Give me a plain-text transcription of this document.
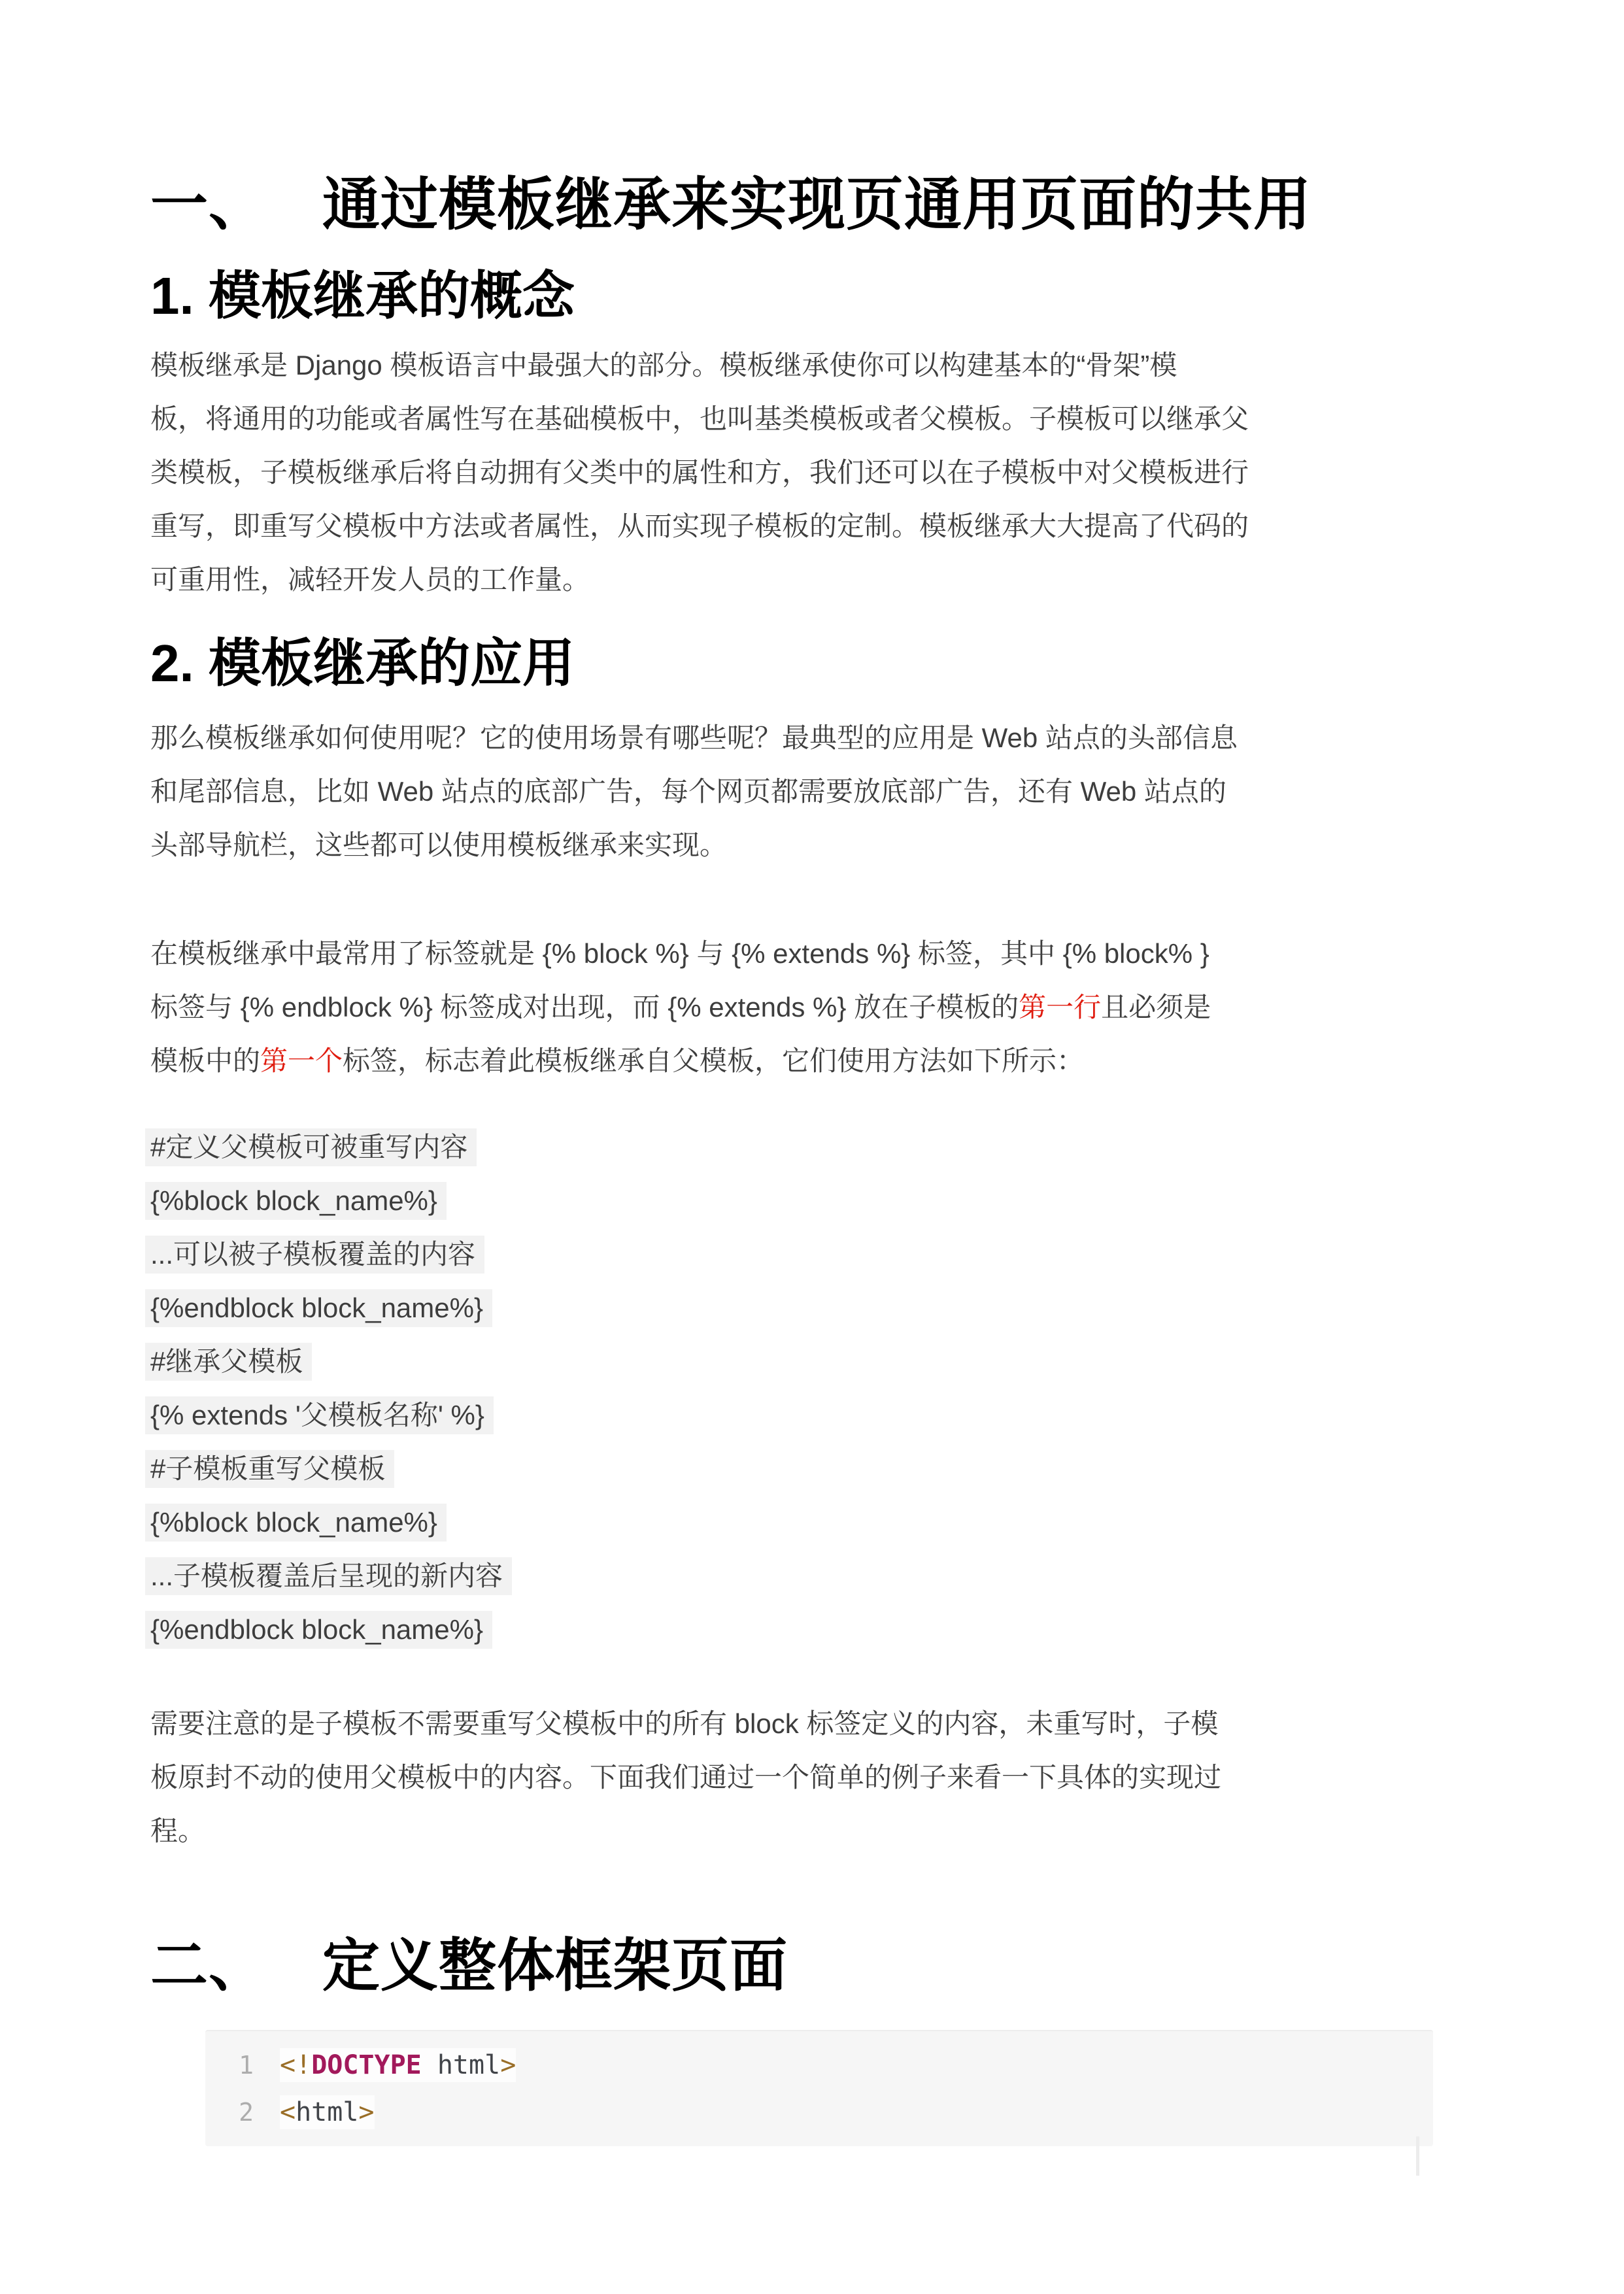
一、 通过模板继承来实现页通用页面的共用
1. 模板继承的概念
模板继承是 Django 模板语言中最强大的部分。模板继承使你可以构建基本的“骨架”模
板，将通用的功能或者属性写在基础模板中，也叫基类模板或者父模板。子模板可以继承父
类模板，子模板继承后将自动拥有父类中的属性和方，我们还可以在子模板中对父模板进行
重写，即重写父模板中方法或者属性，从而实现子模板的定制。模板继承大大提高了代码的
可重用性，减轻开发人员的工作量。
2. 模板继承的应用
那么模板继承如何使用呢？它的使用场景有哪些呢？最典型的应用是 Web 站点的头部信息
和尾部信息，比如 Web 站点的底部广告，每个网页都需要放底部广告，还有 Web 站点的
头部导航栏，这些都可以使用模板继承来实现。
在模板继承中最常用了标签就是 {% block %} 与 {% extends %} 标签，其中 {% block% }
标签与 {% endblock %} 标签成对出现，而 {% extends %} 放在子模板的第一行且必须是
模板中的第一个标签，标志着此模板继承自父模板，它们使用方法如下所示：
#定义父模板可被重写内容
{%block block_name%}
...可以被子模板覆盖的内容
{%endblock block_name%}
#继承父模板
{% extends '父模板名称' %}
#子模板重写父模板
{%block block_name%}
...子模板覆盖后呈现的新内容
{%endblock block_name%}
需要注意的是子模板不需要重写父模板中的所有 block 标签定义的内容，未重写时，子模
板原封不动的使用父模板中的内容。下面我们通过一个简单的例子来看一下具体的实现过
程。
二、 定义整体框架页面
1 <!DOCTYPE html>
2 <html>
